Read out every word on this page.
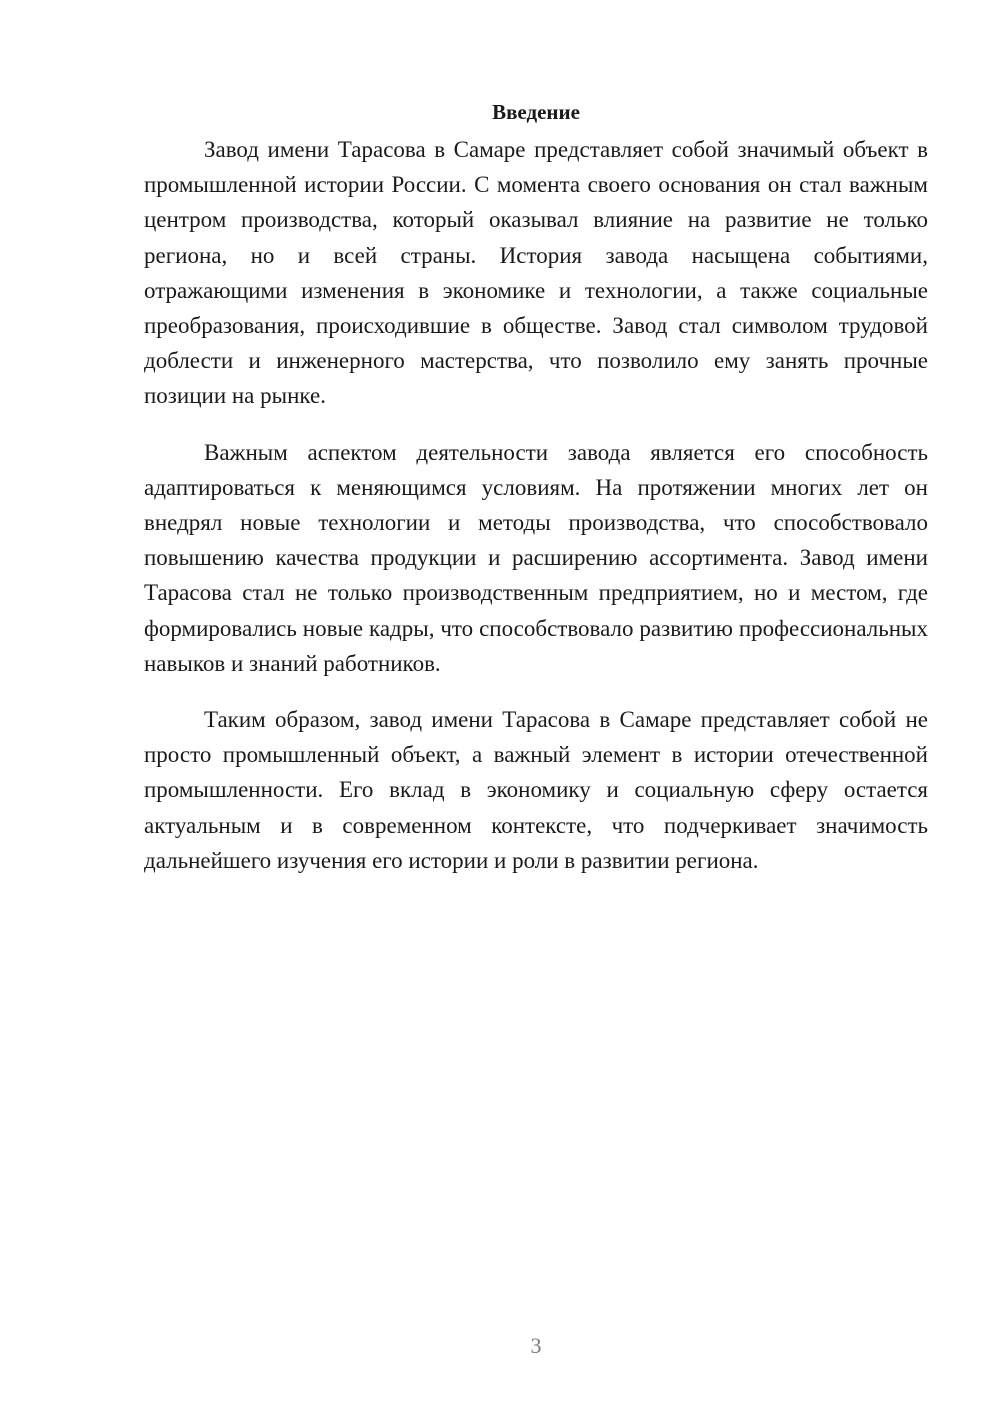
Введение

Завод имени Тарасова в Самаре представляет собой значимый объект в промышленной истории России. С момента своего основания он стал важным центром производства, который оказывал влияние на развитие не только региона, но и всей страны. История завода насыщена событиями, отражающими изменения в экономике и технологии, а также социальные преобразования, происходившие в обществе. Завод стал символом трудовой доблести и инженерного мастерства, что позволило ему занять прочные позиции на рынке.

Важным аспектом деятельности завода является его способность адаптироваться к меняющимся условиям. На протяжении многих лет он внедрял новые технологии и методы производства, что способствовало повышению качества продукции и расширению ассортимента. Завод имени Тарасова стал не только производственным предприятием, но и местом, где формировались новые кадры, что способствовало развитию профессиональных навыков и знаний работников.

Таким образом, завод имени Тарасова в Самаре представляет собой не просто промышленный объект, а важный элемент в истории отечественной промышленности. Его вклад в экономику и социальную сферу остается актуальным и в современном контексте, что подчеркивает значимость дальнейшего изучения его истории и роли в развитии региона.

3
